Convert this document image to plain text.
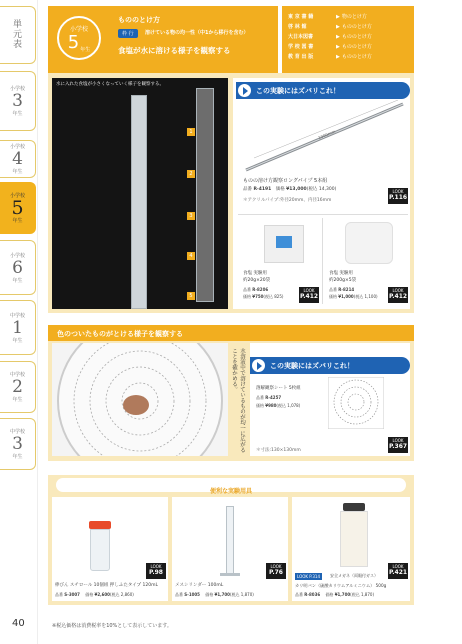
単元表
小学校
3
年生
小学校
4
年生
小学校
5
年生
小学校
6
年生
中学校
1
年生
中学校
2
年生
中学校
3
年生
小学校
5 年生
もののとけ方
枠 行	溶けている物の均一性（中1から移行を含む）
食塩が水に溶ける様子を観察する
東 京 書 籍	▶ 物のとけ方
啓 林 館	▶ もののとけ方
大日本図書	▶ もののとけ方
学 校 図 書	▶ もののとけ方
教 育 出 版	▶ もののとけ方
水に入れた食塩が小さくなっていく様子を観察する。
1
2
3
4
5
この実験にはズバリこれ！
1000mm
ものの溶け方観察ロングパイプ 5本組
品番 R-4191 価格 ¥13,000(税込 14,300)
＊アクリルパイプ:外径20mm、内径16mm
LOOK
P.116
食塩 実験用
約20g×20袋
品番 R-8206
価格 ¥750(税込 825)
LOOK
P.412
食塩 実験用
約200g×5袋
品番 R-8214
価格 ¥1,000(税込 1,100)
LOOK
P.412
色のついたものがとける様子を観察する
水溶液中で溶けているものが均一に広がることを確かめる。	この実験にはズバリこれ！
溶解観察シート 5枚組
品番 R-4257
価格 ¥980(税込 1,078)
＊寸法:130×130mm
LOOK
P.367
便利な実験用具
LOOK
P.98
棒びん スチロール 10個組 押しふたタイプ 120mL
品番 S-3007 価格 ¥2,600(税込 2,860)
LOOK
P.76
メスシリンダー 100mL
品番 S-1005 価格 ¥1,700(税込 1,870)
LOOK
P.421
LOOK P.314	安全メガネ（両眼付ガス）
カリ明バン（硫酸カリウムアルミニウム） 500g
品番 R-8036 価格 ¥1,700(税込 1,870)
40	※税込価格は消費税率を10%として表示しています。
